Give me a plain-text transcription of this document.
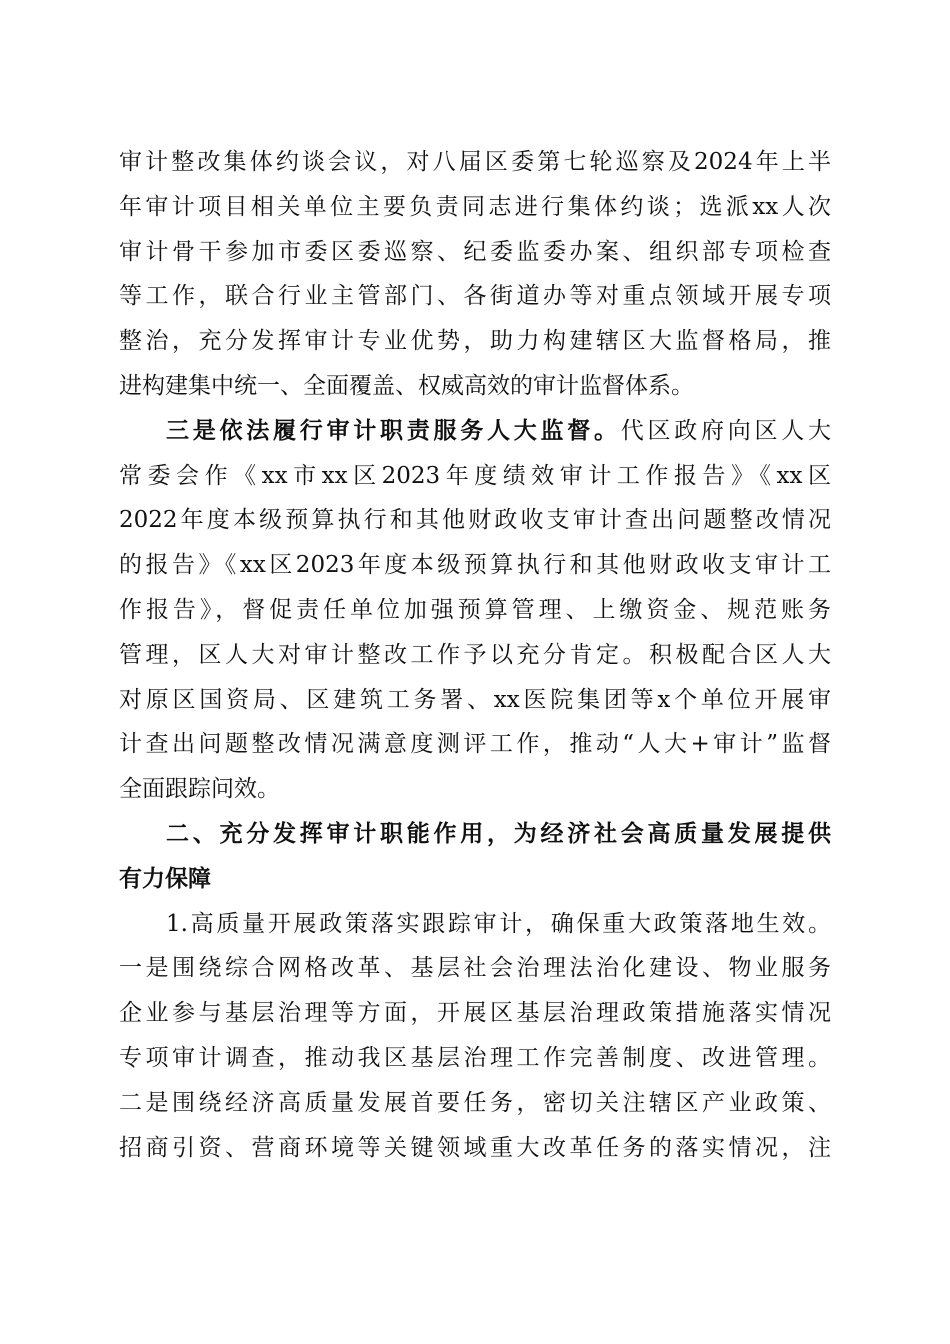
审计整改集体约谈会议，对八届区委第七轮巡察及2024年上半
年审计项目相关单位主要负责同志进行集体约谈；选派xx人次
审计骨干参加市委区委巡察、纪委监委办案、组织部专项检查
等工作，联合行业主管部门、各街道办等对重点领域开展专项
整治，充分发挥审计专业优势，助力构建辖区大监督格局，推
进构建集中统一、全面覆盖、权威高效的审计监督体系。
三是依法履行审计职责服务人大监督。代区政府向区人大
常委会作《xx市xx区2023年度绩效审计工作报告》《xx区
2022年度本级预算执行和其他财政收支审计查出问题整改情况
的报告》《xx区2023年度本级预算执行和其他财政收支审计工
作报告》，督促责任单位加强预算管理、上缴资金、规范账务
管理，区人大对审计整改工作予以充分肯定。积极配合区人大
对原区国资局、区建筑工务署、xx医院集团等x个单位开展审
计查出问题整改情况满意度测评工作，推动“人大+审计”监督
全面跟踪问效。
二、充分发挥审计职能作用，为经济社会高质量发展提供
有力保障
1.高质量开展政策落实跟踪审计，确保重大政策落地生效。
一是围绕综合网格改革、基层社会治理法治化建设、物业服务
企业参与基层治理等方面，开展区基层治理政策措施落实情况
专项审计调查，推动我区基层治理工作完善制度、改进管理。
二是围绕经济高质量发展首要任务，密切关注辖区产业政策、
招商引资、营商环境等关键领域重大改革任务的落实情况，注
